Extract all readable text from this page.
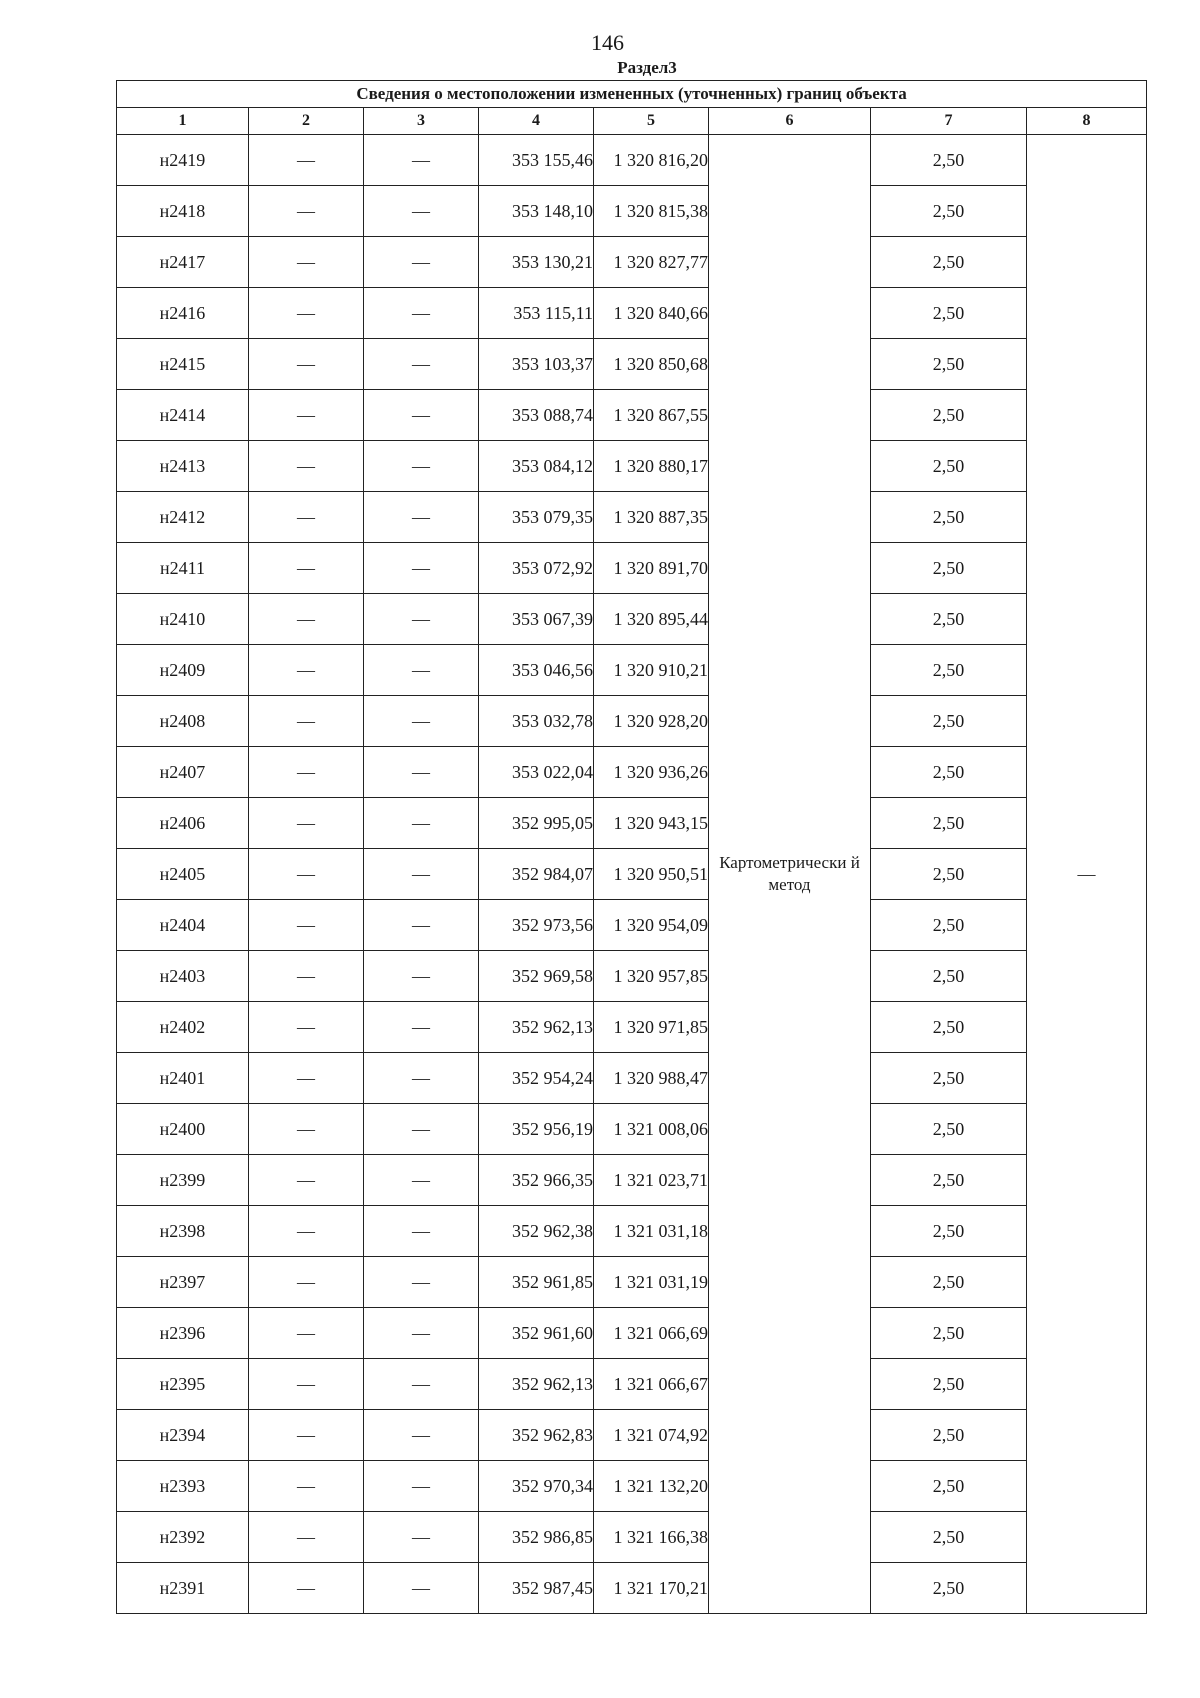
146
Раздел3
Сведения о местоположении измененных (уточненных) границ объекта							
1	2	3	4	5	6	7	8
н2419	—	—	353 155,46	1 320 816,20	Картометрически й метод	2,50	—
н2418	—	—	353 148,10	1 320 815,38		2,50	
н2417	—	—	353 130,21	1 320 827,77		2,50	
н2416	—	—	353 115,11	1 320 840,66		2,50	
н2415	—	—	353 103,37	1 320 850,68		2,50	
н2414	—	—	353 088,74	1 320 867,55		2,50	
н2413	—	—	353 084,12	1 320 880,17		2,50	
н2412	—	—	353 079,35	1 320 887,35		2,50	
н2411	—	—	353 072,92	1 320 891,70		2,50	
н2410	—	—	353 067,39	1 320 895,44		2,50	
н2409	—	—	353 046,56	1 320 910,21		2,50	
н2408	—	—	353 032,78	1 320 928,20		2,50	
н2407	—	—	353 022,04	1 320 936,26		2,50	
н2406	—	—	352 995,05	1 320 943,15		2,50	
н2405	—	—	352 984,07	1 320 950,51		2,50	
н2404	—	—	352 973,56	1 320 954,09		2,50	
н2403	—	—	352 969,58	1 320 957,85		2,50	
н2402	—	—	352 962,13	1 320 971,85		2,50	
н2401	—	—	352 954,24	1 320 988,47		2,50	
н2400	—	—	352 956,19	1 321 008,06		2,50	
н2399	—	—	352 966,35	1 321 023,71		2,50	
н2398	—	—	352 962,38	1 321 031,18		2,50	
н2397	—	—	352 961,85	1 321 031,19		2,50	
н2396	—	—	352 961,60	1 321 066,69		2,50	
н2395	—	—	352 962,13	1 321 066,67		2,50	
н2394	—	—	352 962,83	1 321 074,92		2,50	
н2393	—	—	352 970,34	1 321 132,20		2,50	
н2392	—	—	352 986,85	1 321 166,38		2,50	
н2391	—	—	352 987,45	1 321 170,21		2,50	
